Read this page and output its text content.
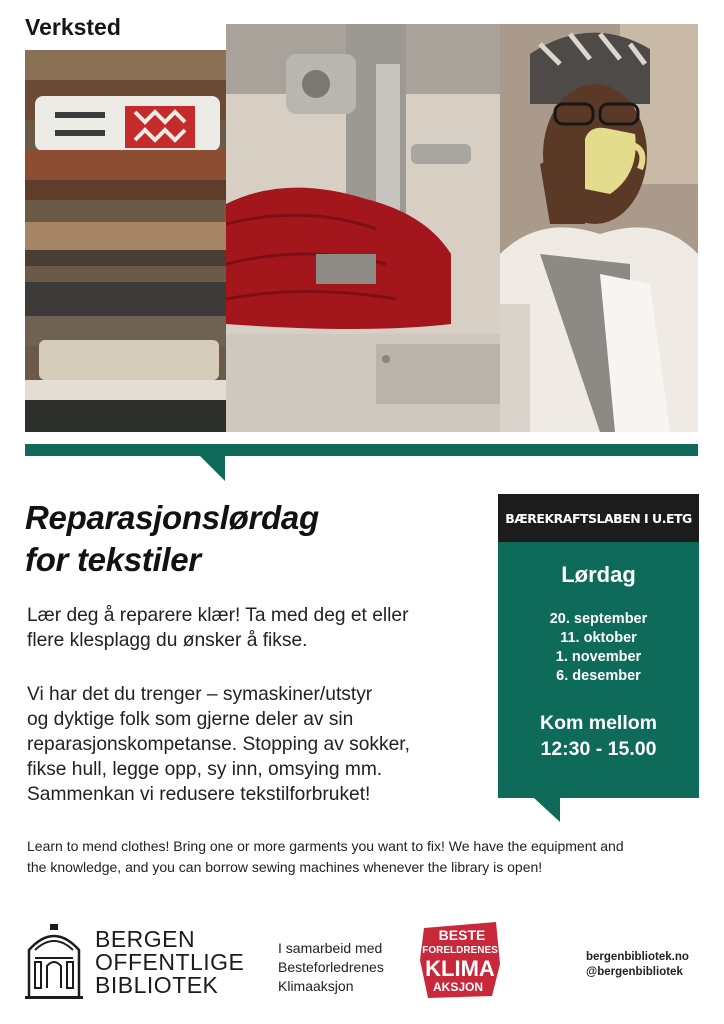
Verksted
Reparasjonslørdag
for tekstiler
Lær deg å reparere klær! Ta med deg et eller
flere klesplagg du ønsker å fikse.
Vi har det du trenger – symaskiner/utstyr
og dyktige folk som gjerne deler av sin
reparasjonskompetanse. Stopping av sokker,
fikse hull, legge opp, sy inn, omsying mm.
Sammenkan vi redusere tekstilforbruket!
BÆREKRAFTSLABEN I U.ETG
Lørdag
20. september
11. oktober
1. november
6. desember
Kom mellom
12:30 - 15.00
Learn to mend clothes! Bring one or more garments you want to fix! We have the equipment and
the knowledge, and you can borrow sewing machines whenever the library is open!
BERGEN
OFFENTLIGE
BIBLIOTEK
I samarbeid med
Besteforledrenes
Klimaaksjon
BESTE
FORELDRENES
KLIMA
AKSJON
bergenbibliotek.no
@bergenbibliotek
